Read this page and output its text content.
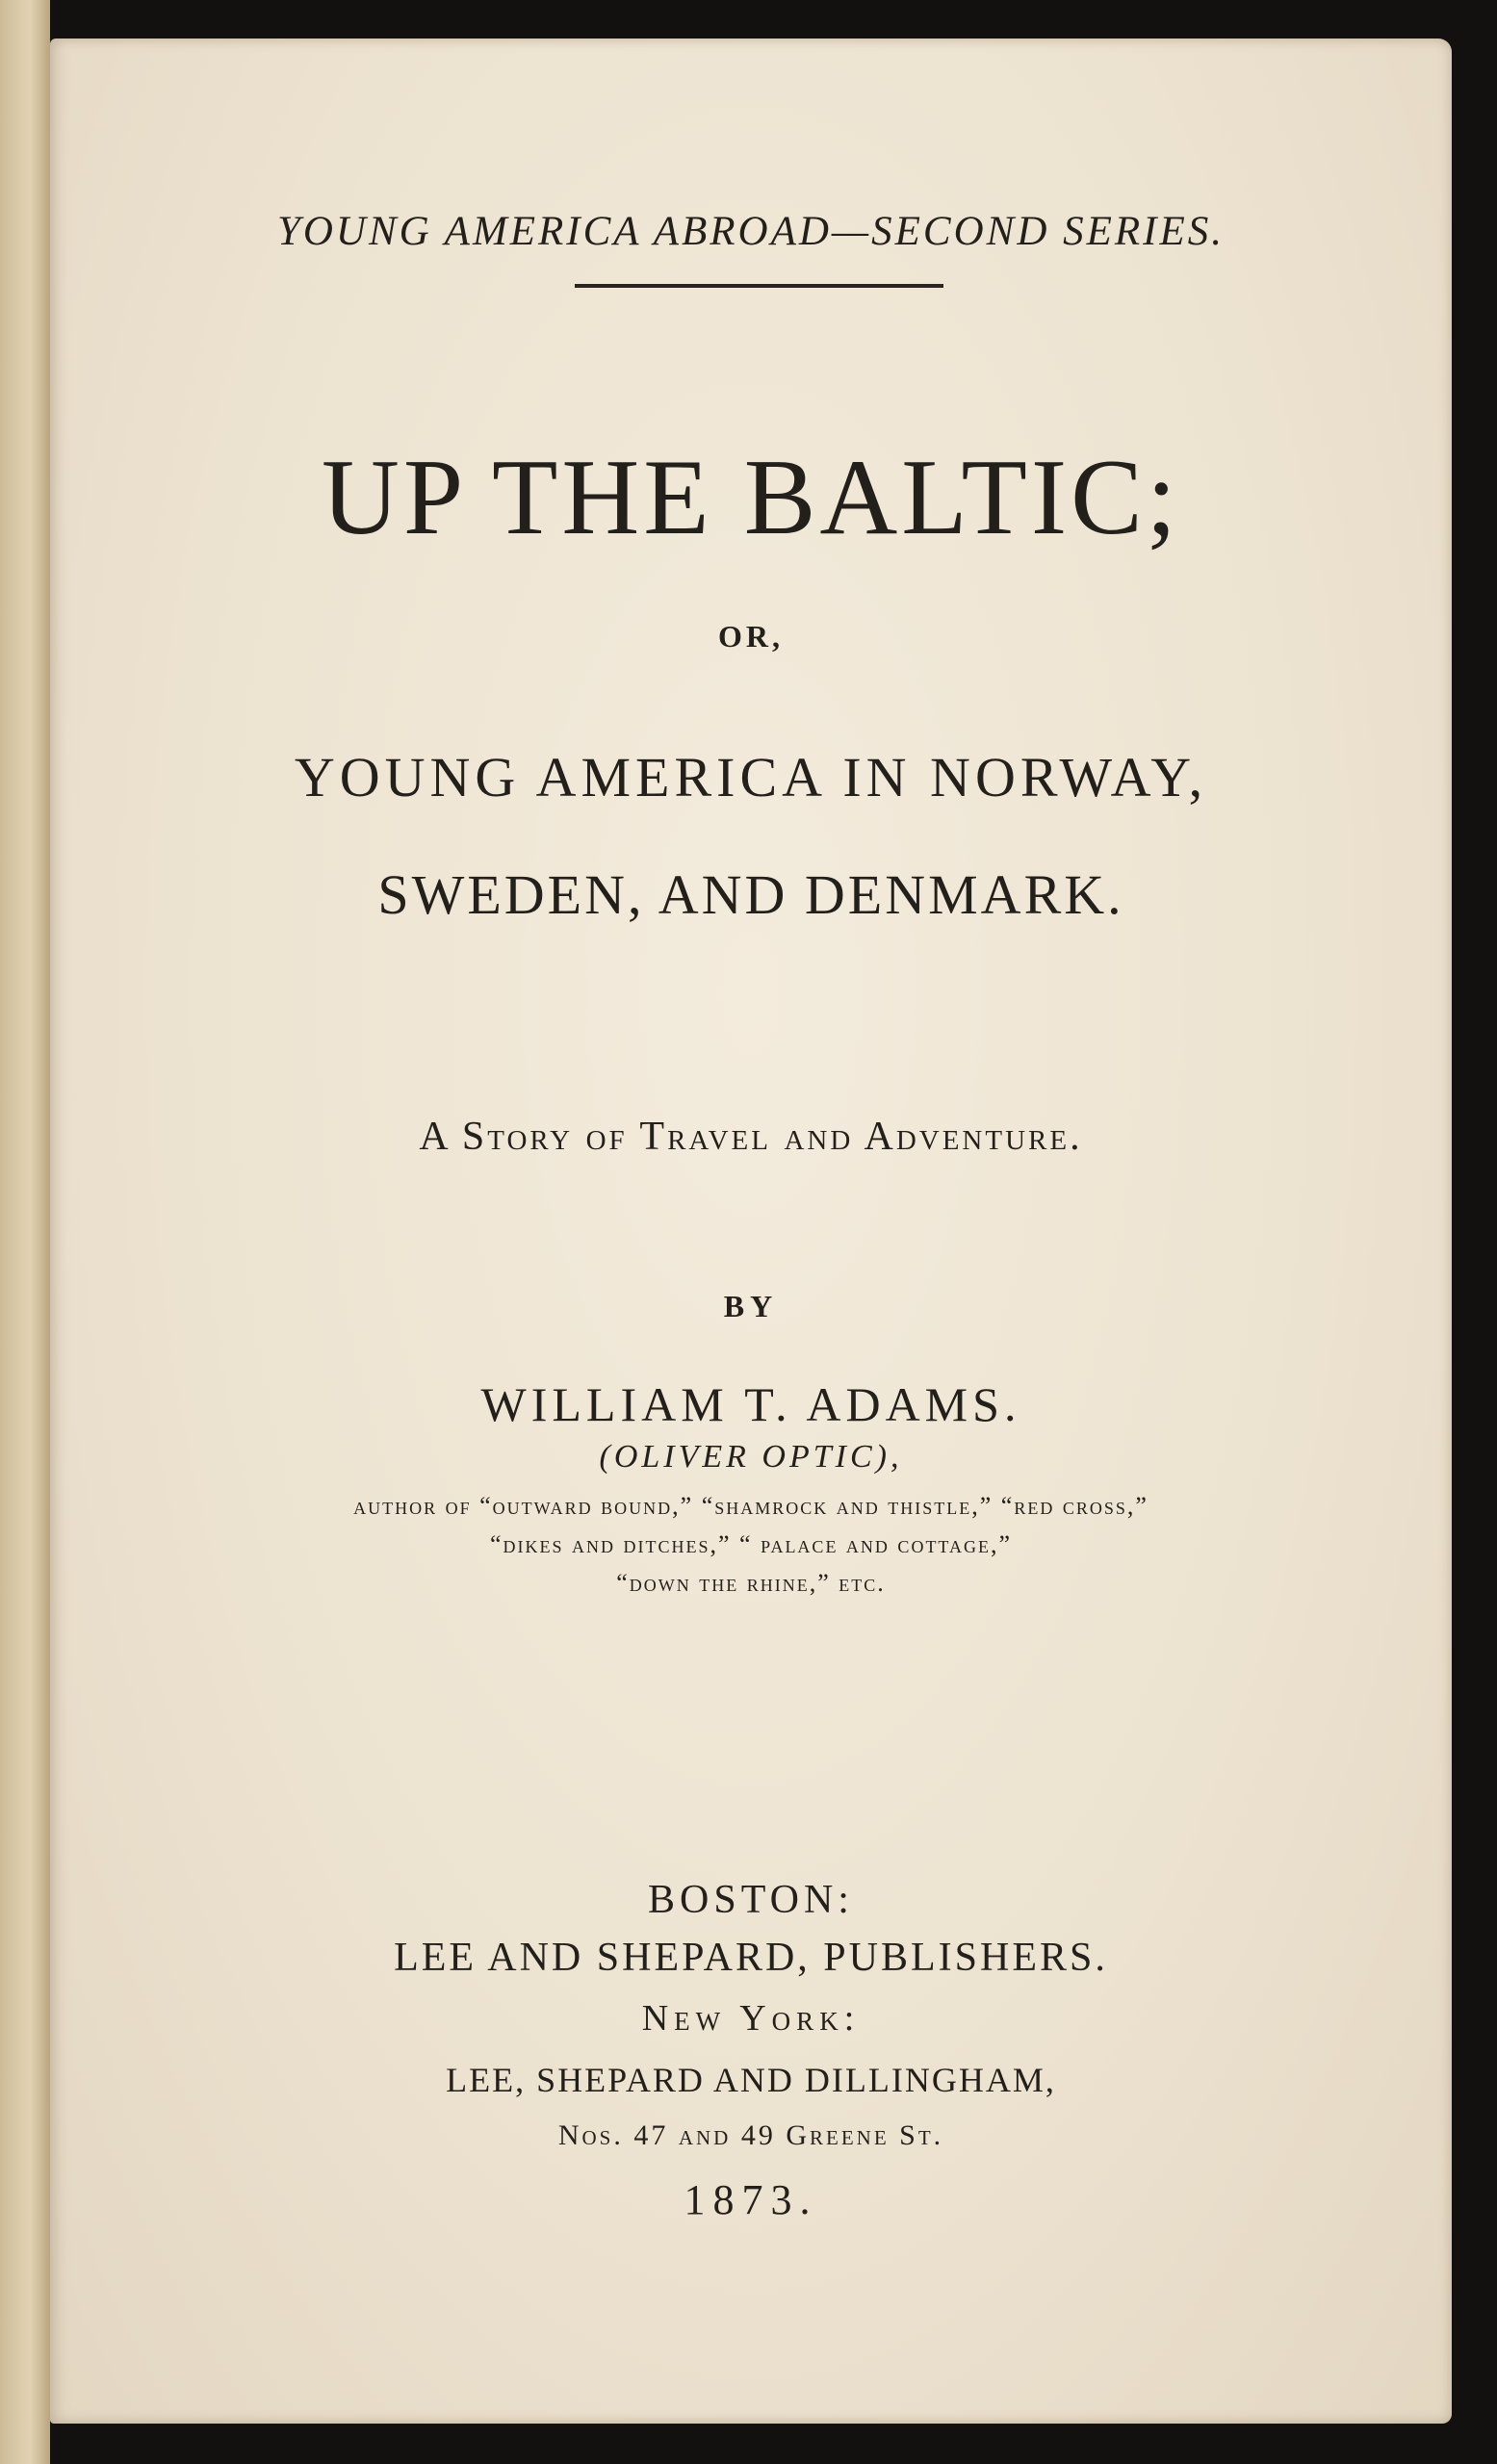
YOUNG AMERICA ABROAD—SECOND SERIES.
UP THE BALTIC;
OR,
YOUNG AMERICA IN NORWAY,
SWEDEN, AND DENMARK.
A Story of Travel and Adventure.
BY
WILLIAM T. ADAMS.
(OLIVER OPTIC),
author of “outward bound,” “shamrock and thistle,” “red cross,”
“dikes and ditches,” “ palace and cottage,”
“down the rhine,” etc.
BOSTON:
LEE AND SHEPARD, PUBLISHERS.
New York:
LEE, SHEPARD AND DILLINGHAM,
Nos. 47 and 49 Greene St.
1873.
